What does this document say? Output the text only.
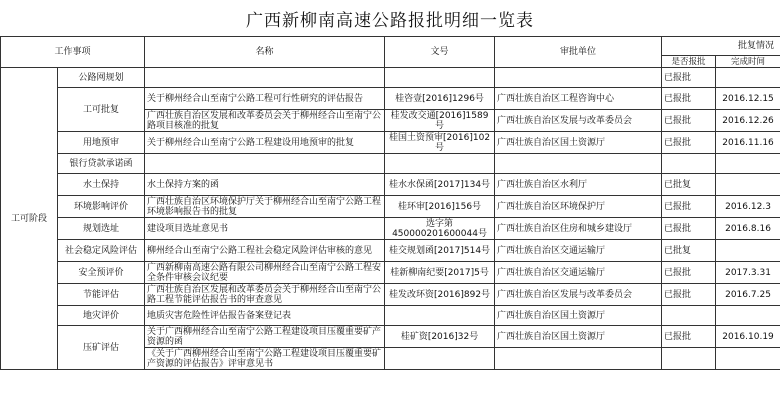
广西新柳南高速公路报批明细一览表
工作事项		名称	文号	审批单位	批复情况	
					是否报批	完成时间
工可阶段	公路网规划				已报批	
	工可批复	关于柳州经合山至南宁公路工程可行性研究的评估报告	桂咨壹[2016]1296号	广西壮族自治区工程咨询中心	已报批	2016.12.15
		广西壮族自治区发展和改革委员会关于柳州经合山至南宁公路项目核准的批复	桂发改交通[2016]1589号	广西壮族自治区发展与改革委员会	已报批	2016.12.26
	用地预审	关于柳州经合山至南宁公路工程建设用地预审的批复	桂国土资预审[2016]102号	广西壮族自治区国土资源厅	已报批	2016.11.16
	银行贷款承诺函					
	水土保持	水土保持方案的函	桂水水保函[2017]134号	广西壮族自治区水利厅	已批复	
	环境影响评价	广西壮族自治区环境保护厅关于柳州经合山至南宁公路工程环境影响报告书的批复	桂环审[2016]156号	广西壮族自治区环境保护厅	已报批	2016.12.3
	规划选址	建设项目选址意见书	选字第450000201600044号	广西壮族自治区住房和城乡建设厅	已报批	2016.8.16
	社会稳定风险评估	柳州经合山至南宁公路工程社会稳定风险评估审核的意见	桂交规划函[2017]514号	广西壮族自治区交通运输厅	已批复	
	安全预评价	广西新柳南高速公路有限公司柳州经合山至南宁公路工程安全条件审核会议纪要	桂新柳南纪要[2017]5号	广西壮族自治区交通运输厅	已报批	2017.3.31
	节能评估	广西壮族自治区发展和改革委员会关于柳州经合山至南宁公路工程节能评估报告书的审查意见	桂发改环资[2016]892号	广西壮族自治区发展与改革委员会	已报批	2016.7.25
	地灾评价	地质灾害危险性评估报告备案登记表		广西壮族自治区国土资源厅		
	压矿评估	关于广西柳州经合山至南宁公路工程建设项目压覆重要矿产资源的函	桂矿资[2016]32号	广西壮族自治区国土资源厅	已报批	2016.10.19
		《关于广西柳州经合山至南宁公路工程建设项目压覆重要矿产资源的评估报告》评审意见书				
